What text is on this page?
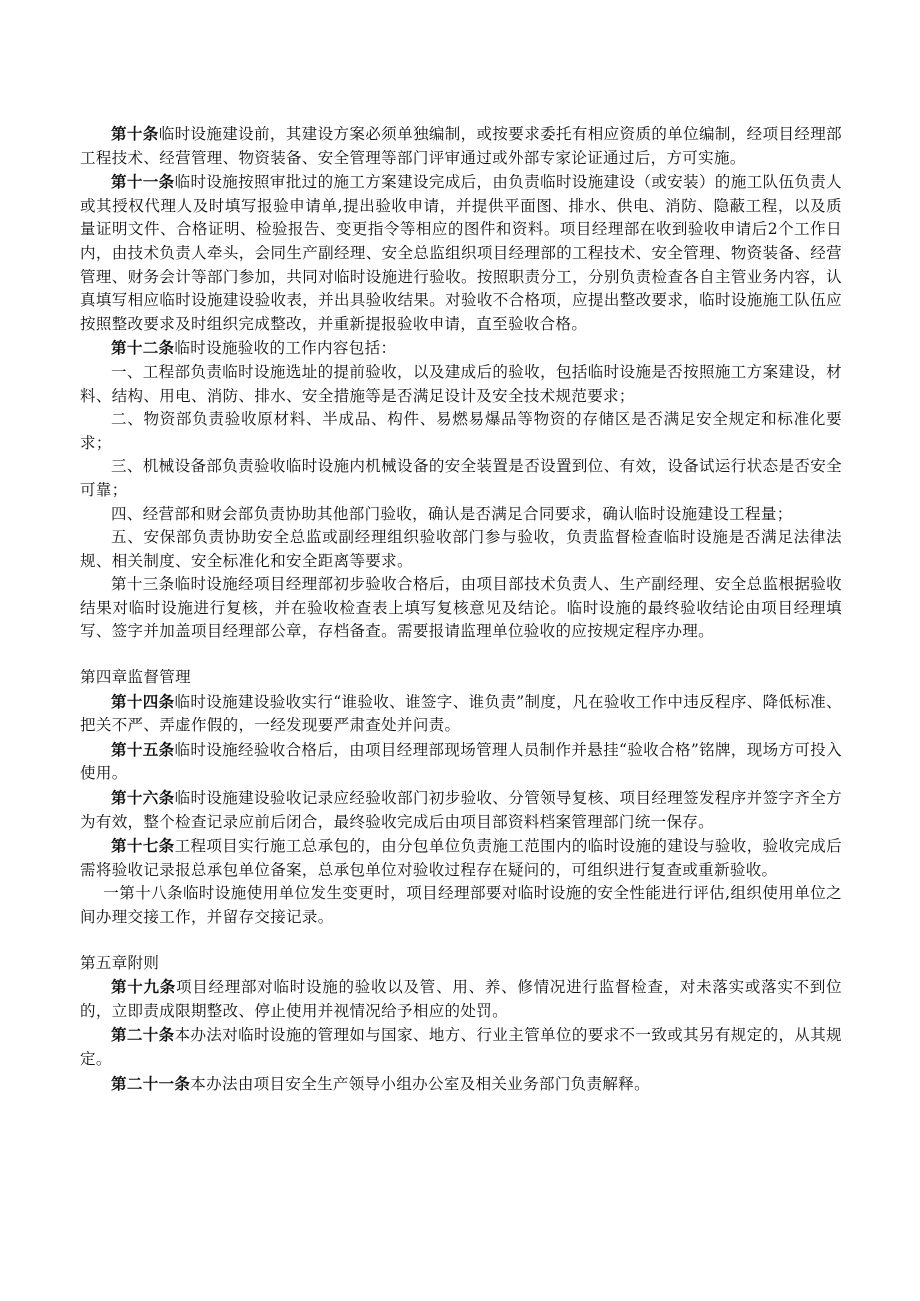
第十条临时设施建设前，其建设方案必须单独编制，或按要求委托有相应资质的单位编制，经项目经理部工程技术、经营管理、物资装备、安全管理等部门评审通过或外部专家论证通过后，方可实施。

第十一条临时设施按照审批过的施工方案建设完成后，由负责临时设施建设（或安装）的施工队伍负责人或其授权代理人及时填写报验申请单,提出验收申请，并提供平面图、排水、供电、消防、隐蔽工程，以及质量证明文件、合格证明、检验报告、变更指令等相应的图件和资料。项目经理部在收到验收申请后2个工作日内，由技术负责人牵头，会同生产副经理、安全总监组织项目经理部的工程技术、安全管理、物资装备、经营管理、财务会计等部门参加，共同对临时设施进行验收。按照职责分工，分别负责检查各自主管业务内容，认真填写相应临时设施建设验收表，并出具验收结果。对验收不合格项，应提出整改要求，临时设施施工队伍应按照整改要求及时组织完成整改，并重新提报验收申请，直至验收合格。

第十二条临时设施验收的工作内容包括：

一、工程部负责临时设施选址的提前验收，以及建成后的验收，包括临时设施是否按照施工方案建设，材料、结构、用电、消防、排水、安全措施等是否满足设计及安全技术规范要求；

二、物资部负责验收原材料、半成品、构件、易燃易爆品等物资的存储区是否满足安全规定和标准化要求；

三、机械设备部负责验收临时设施内机械设备的安全装置是否设置到位、有效，设备试运行状态是否安全可靠；

四、经营部和财会部负责协助其他部门验收，确认是否满足合同要求，确认临时设施建设工程量；

五、安保部负责协助安全总监或副经理组织验收部门参与验收，负责监督检查临时设施是否满足法律法规、相关制度、安全标准化和安全距离等要求。

第十三条临时设施经项目经理部初步验收合格后，由项目部技术负责人、生产副经理、安全总监根据验收结果对临时设施进行复核，并在验收检查表上填写复核意见及结论。临时设施的最终验收结论由项目经理填写、签字并加盖项目经理部公章，存档备查。需要报请监理单位验收的应按规定程序办理。

第四章监督管理

第十四条临时设施建设验收实行“谁验收、谁签字、谁负责”制度，凡在验收工作中违反程序、降低标准、把关不严、弄虚作假的，一经发现要严肃查处并问责。

第十五条临时设施经验收合格后，由项目经理部现场管理人员制作并悬挂“验收合格”铭牌，现场方可投入使用。

第十六条临时设施建设验收记录应经验收部门初步验收、分管领导复核、项目经理签发程序并签字齐全方为有效，整个检查记录应前后闭合，最终验收完成后由项目部资料档案管理部门统一保存。

第十七条工程项目实行施工总承包的，由分包单位负责施工范围内的临时设施的建设与验收，验收完成后需将验收记录报总承包单位备案，总承包单位对验收过程存在疑问的，可组织进行复查或重新验收。

一第十八条临时设施使用单位发生变更时，项目经理部要对临时设施的安全性能进行评估,组织使用单位之间办理交接工作，并留存交接记录。

第五章附则

第十九条项目经理部对临时设施的验收以及管、用、养、修情况进行监督检查，对未落实或落实不到位的，立即责成限期整改、停止使用并视情况给予相应的处罚。

第二十条本办法对临时设施的管理如与国家、地方、行业主管单位的要求不一致或其另有规定的，从其规定。

第二十一条本办法由项目安全生产领导小组办公室及相关业务部门负责解释。
